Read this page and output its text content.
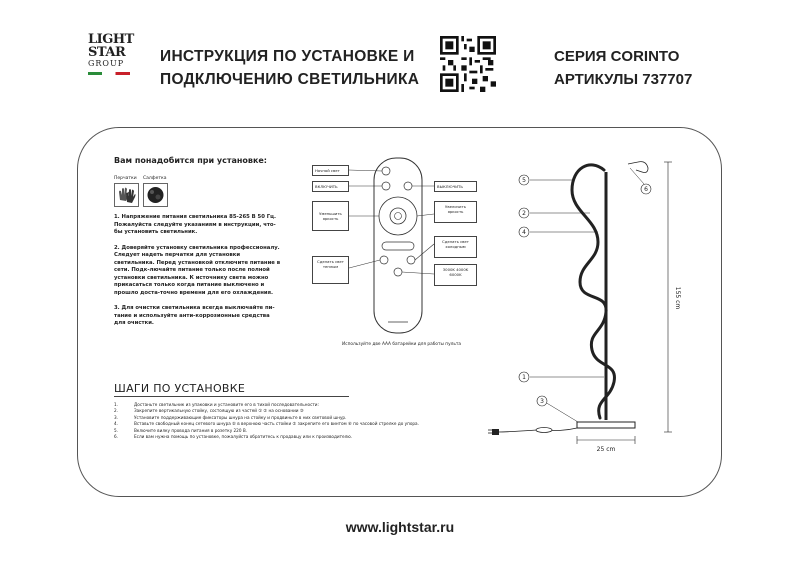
LIGHT
STAR
GROUP	ИНСТРУКЦИЯ ПО УСТАНОВКЕ И
ПОДКЛЮЧЕНИЮ СВЕТИЛЬНИКА
СЕРИЯ CORINTO
АРТИКУЛЫ 737707
Вам понадобится при установке:
Перчатки	Салфетка

1. Напряжение питания светильника 85-265 В 50 Гц. Пожалуйста следуйте указаниям в инструкции, что-бы установить светильник.

2. Доверяйте установку светильника профессионалу. Следует надеть перчатки для установки светильника. Перед установкой отключите питание в сети. Подк-лючайте питание только после полной установки светильника. К источнику света можно прикасаться только когда питание выключено и прошло доста-точно времени для его охлаждения.

3. Для очистки светильника всегда выключайте пи-тание и используйте анти-коррозионные средства для очистки.

Ночной свет
ВКЛЮЧИТЬ	ВЫКЛЮЧИТЬ
Уменьшить яркость
Увеличить яркость
Сделать свет холодным
Сделать свет теплым
3000K 4000K 6000K
Используйте две AAA батарейки для работы пульта
ШАГИ ПО УСТАНОВКЕ
1.	Достаньте светильник из упаковки и установите его в тихой последовательности:
2.	Закрепите вертикальную стойку, состоящую из частей ① ② на основании ③
3.	Установите поддерживающие фиксаторы шнура на стойку и продвиньте в них световой шнур.
4.	Вставьте свободный конец сетевого шнура ⑤ в верхнюю часть стойки ② закрепите его винтом ⑥ по часовой стрелке до упора.
5.	Включите вилку провода питания в розетку 220 В.
6.	Если вам нужна помощь по установке, пожалуйста обратитесь к продавцу или к производителю.
5
2
4
1
3
6
25 cm
155 cm
www.lightstar.ru
